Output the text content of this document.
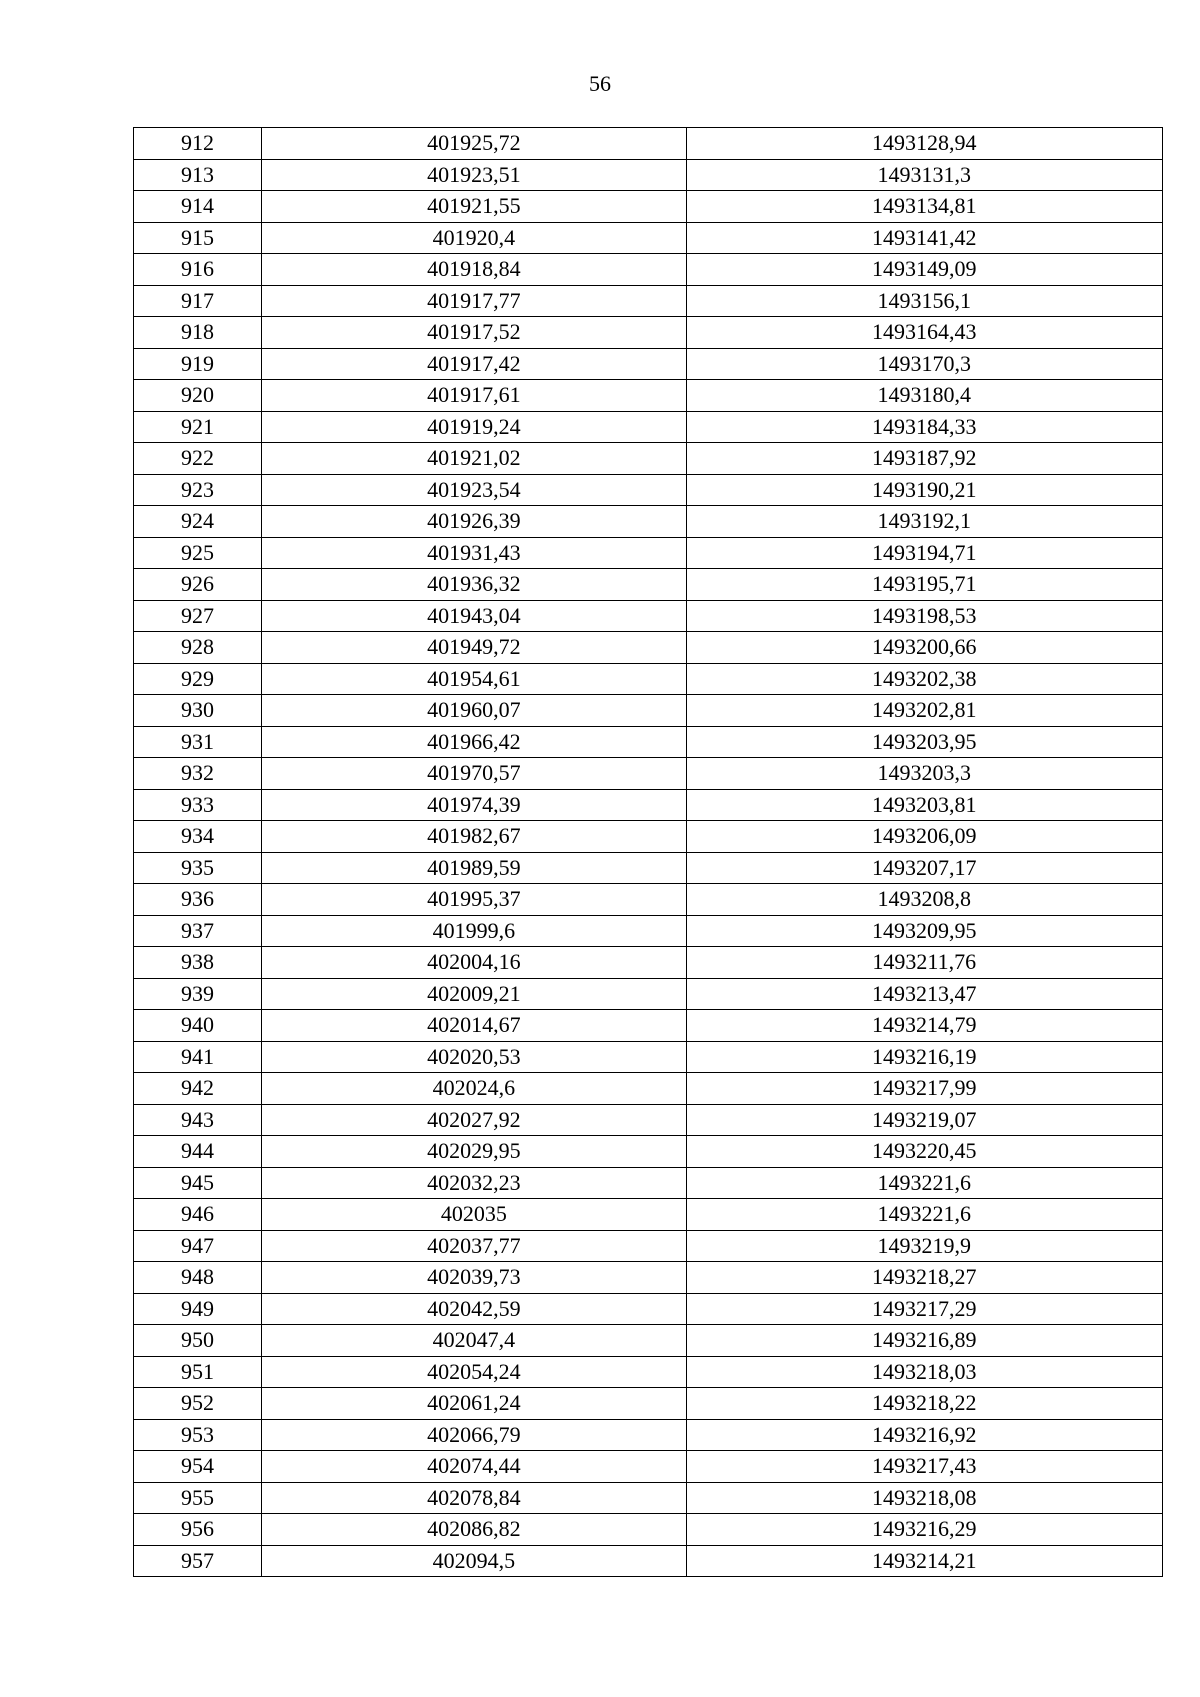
56
912	401925,72	1493128,94
913	401923,51	1493131,3
914	401921,55	1493134,81
915	401920,4	1493141,42
916	401918,84	1493149,09
917	401917,77	1493156,1
918	401917,52	1493164,43
919	401917,42	1493170,3
920	401917,61	1493180,4
921	401919,24	1493184,33
922	401921,02	1493187,92
923	401923,54	1493190,21
924	401926,39	1493192,1
925	401931,43	1493194,71
926	401936,32	1493195,71
927	401943,04	1493198,53
928	401949,72	1493200,66
929	401954,61	1493202,38
930	401960,07	1493202,81
931	401966,42	1493203,95
932	401970,57	1493203,3
933	401974,39	1493203,81
934	401982,67	1493206,09
935	401989,59	1493207,17
936	401995,37	1493208,8
937	401999,6	1493209,95
938	402004,16	1493211,76
939	402009,21	1493213,47
940	402014,67	1493214,79
941	402020,53	1493216,19
942	402024,6	1493217,99
943	402027,92	1493219,07
944	402029,95	1493220,45
945	402032,23	1493221,6
946	402035	1493221,6
947	402037,77	1493219,9
948	402039,73	1493218,27
949	402042,59	1493217,29
950	402047,4	1493216,89
951	402054,24	1493218,03
952	402061,24	1493218,22
953	402066,79	1493216,92
954	402074,44	1493217,43
955	402078,84	1493218,08
956	402086,82	1493216,29
957	402094,5	1493214,21
